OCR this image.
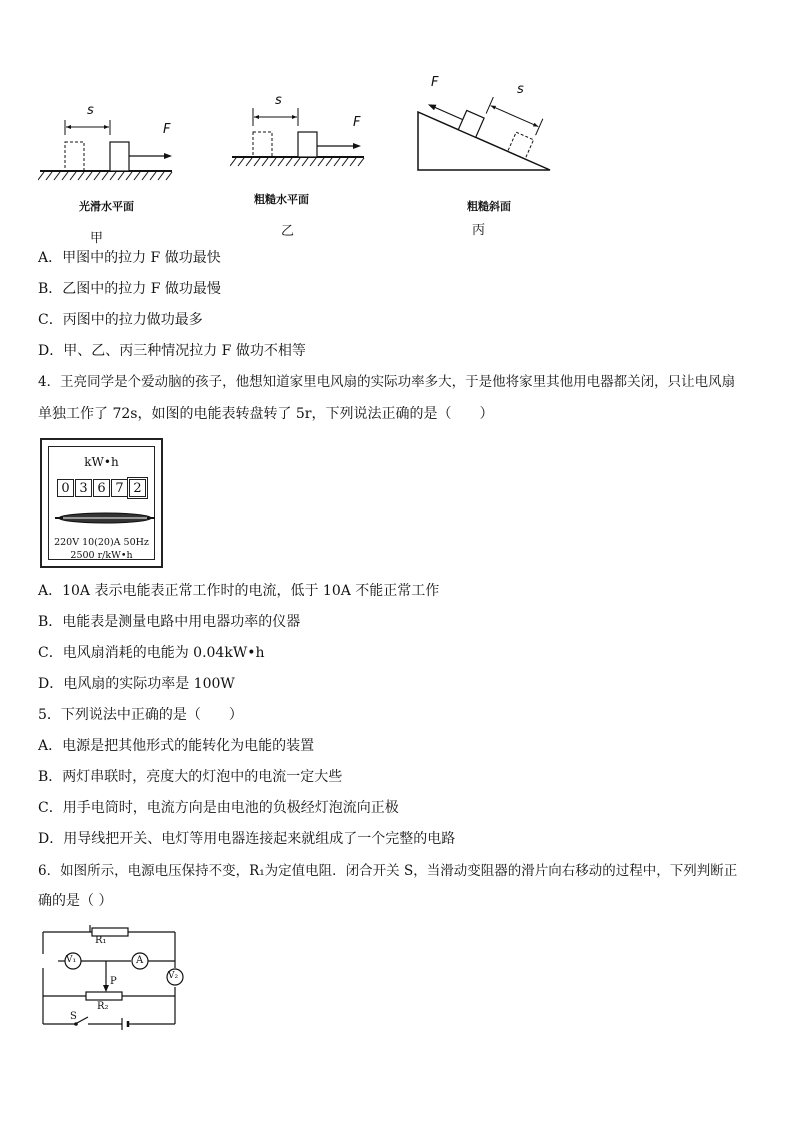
s
F
光滑水平面
甲
s
F
粗糙水平面
乙
s
F
粗糙斜面
丙
A．甲图中的拉力 F 做功最快
B．乙图中的拉力 F 做功最慢
C．丙图中的拉力做功最多
D．甲、乙、丙三种情况拉力 F 做功不相等
4．王亮同学是个爱动脑的孩子，他想知道家里电风扇的实际功率多大，于是他将家里其他用电器都关闭，只让电风扇
单独工作了 72s，如图的电能表转盘转了 5r，下列说法正确的是（　　）
kW•h
0 3 6 7 2
220V 10(20)A 50Hz
2500 r/kW•h
A．10A 表示电能表正常工作时的电流，低于 10A 不能正常工作
B．电能表是测量电路中用电器功率的仪器
C．电风扇消耗的电能为 0.04kW•h
D．电风扇的实际功率是 100W
5．下列说法中正确的是（　　）
A．电源是把其他形式的能转化为电能的装置
B．两灯串联时，亮度大的灯泡中的电流一定大些
C．用手电筒时，电流方向是由电池的负极经灯泡流向正极
D．用导线把开关、电灯等用电器连接起来就组成了一个完整的电路
6．如图所示，电源电压保持不变，R₁为定值电阻．闭合开关 S，当滑动变阻器的滑片向右移动的过程中，下列判断正
确的是（ ）
R₁
R₂
V₁	A
V₂
P
S
